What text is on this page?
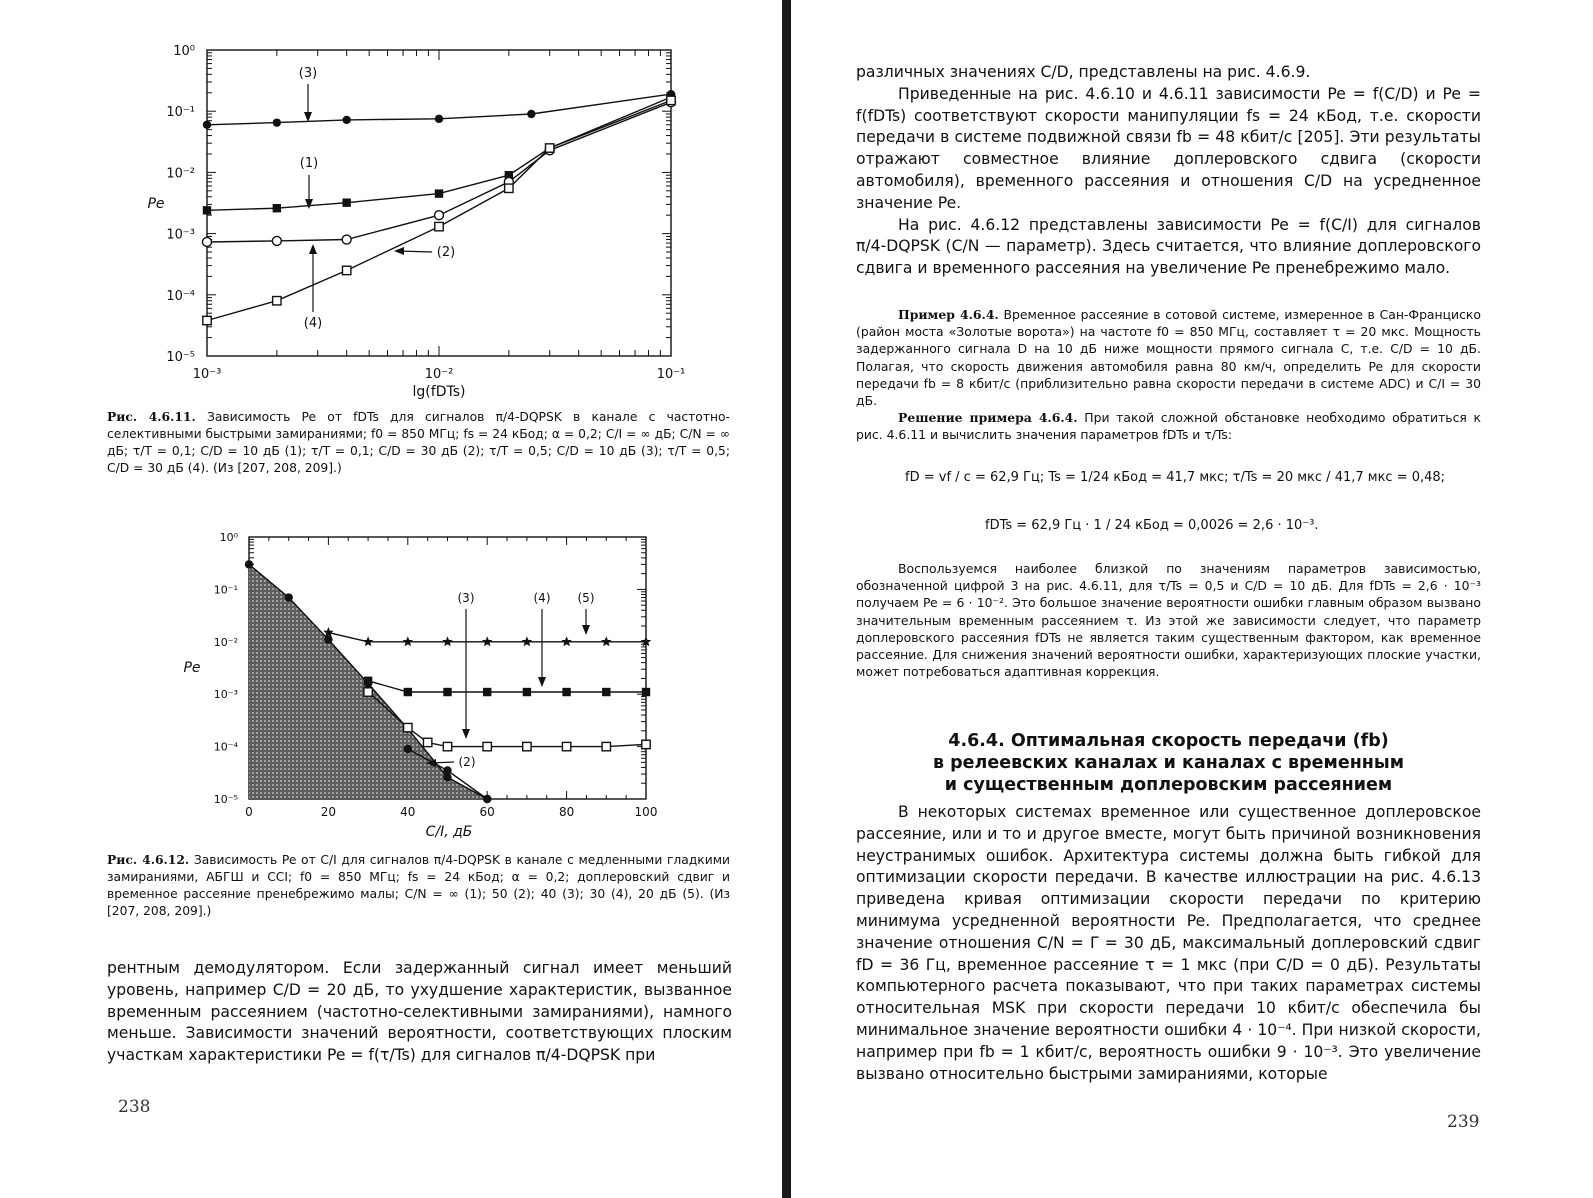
10⁰
10⁻¹
10⁻²
10⁻³
10⁻⁴
10⁻⁵
10⁻³	10⁻²	10⁻¹
lg(fDTs)
Pe
(3)
(1)
(2)
(4)
Рис. 4.6.11. Зависимость Pe от fDTs для сигналов π/4-DQPSK в канале с частотно-селективными быстрыми замираниями; f0 = 850 МГц; fs = 24 кБод; α = 0,2; C/I = ∞ дБ; C/N = ∞ дБ; τ/T = 0,1; C/D = 10 дБ (1); τ/T = 0,1; C/D = 30 дБ (2); τ/T = 0,5; C/D = 10 дБ (3); τ/T = 0,5; C/D = 30 дБ (4). (Из [207, 208, 209].)
10⁰
10⁻¹
10⁻²
10⁻³
10⁻⁴
10⁻⁵
0	20	40	60	80	100
C/I, дБ
Pe
(3)	(4) (5)
(2)
Рис. 4.6.12. Зависимость Pe от C/I для сигналов π/4-DQPSK в канале с медленными гладкими замираниями, АБГШ и CCI; f0 = 850 МГц; fs = 24 кБод; α = 0,2; доплеровский сдвиг и временное рассеяние пренебрежимо малы; C/N = ∞ (1); 50 (2); 40 (3); 30 (4), 20 дБ (5). (Из [207, 208, 209].)

рентным демодулятором. Если задержанный сигнал имеет меньший уровень, например C/D = 20 дБ, то ухудшение характеристик, вызванное временным рассеянием (частотно-селективными замираниями), намного меньше. Зависимости значений вероятности, соответствующих плоским участкам характеристики Pe = f(τ/Ts) для сигналов π/4-DQPSK при

238

различных значениях C/D, представлены на рис. 4.6.9.

Приведенные на рис. 4.6.10 и 4.6.11 зависимости Pe = f(C/D) и Pe = f(fDTs) соответствуют скорости манипуляции fs = 24 кБод, т.е. скорости передачи в системе подвижной связи fb = 48 кбит/с [205]. Эти результаты отражают совместное влияние доплеровского сдвига (скорости автомобиля), временного рассеяния и отношения C/D на усредненное значение Pe.

На рис. 4.6.12 представлены зависимости Pe = f(C/I) для сигналов π/4-DQPSK (C/N — параметр). Здесь считается, что влияние доплеровского сдвига и временного рассеяния на увеличение Pe пренебрежимо мало.

Пример 4.6.4. Временное рассеяние в сотовой системе, измеренное в Сан-Франциско (район моста «Золотые ворота») на частоте f0 = 850 МГц, составляет τ = 20 мкс. Мощность задержанного сигнала D на 10 дБ ниже мощности прямого сигнала C, т.е. C/D = 10 дБ. Полагая, что скорость движения автомобиля равна 80 км/ч, определить Pe для скорости передачи fb = 8 кбит/с (приблизительно равна скорости передачи в системе ADC) и C/I = 30 дБ.

Решение примера 4.6.4. При такой сложной обстановке необходимо обратиться к рис. 4.6.11 и вычислить значения параметров fDTs и τ/Ts:

fD = vf / c = 62,9 Гц; Ts = 1/24 кБод = 41,7 мкс; τ/Ts = 20 мкс / 41,7 мкс = 0,48;
fDTs = 62,9 Гц · 1 / 24 кБод = 0,0026 = 2,6 · 10⁻³.

Воспользуемся наиболее близкой по значениям параметров зависимостью, обозначенной цифрой 3 на рис. 4.6.11, для τ/Ts = 0,5 и C/D = 10 дБ. Для fDTs = 2,6 · 10⁻³ получаем Pe = 6 · 10⁻². Это большое значение вероятности ошибки главным образом вызвано значительным временным рассеянием τ. Из этой же зависимости следует, что параметр доплеровского рассеяния fDTs не является таким существенным фактором, как временное рассеяние. Для снижения значений вероятности ошибки, характеризующих плоские участки, может потребоваться адаптивная коррекция.

4.6.4. Оптимальная скорость передачи (fb)
в релеевских каналах и каналах с временным
и существенным доплеровским рассеянием

В некоторых системах временное или существенное доплеровское рассеяние, или и то и другое вместе, могут быть причиной возникновения неустранимых ошибок. Архитектура системы должна быть гибкой для оптимизации скорости передачи. В качестве иллюстрации на рис. 4.6.13 приведена кривая оптимизации скорости передачи по критерию минимума усредненной вероятности Pe. Предполагается, что среднее значение отношения C/N = Γ = 30 дБ, максимальный доплеровский сдвиг fD = 36 Гц, временное рассеяние τ = 1 мкс (при C/D = 0 дБ). Результаты компьютерного расчета показывают, что при таких параметрах системы относительная MSK при скорости передачи 10 кбит/с обеспечила бы минимальное значение вероятности ошибки 4 · 10⁻⁴. При низкой скорости, например при fb = 1 кбит/с, вероятность ошибки 9 · 10⁻³. Это увеличение вызвано относительно быстрыми замираниями, которые

239
